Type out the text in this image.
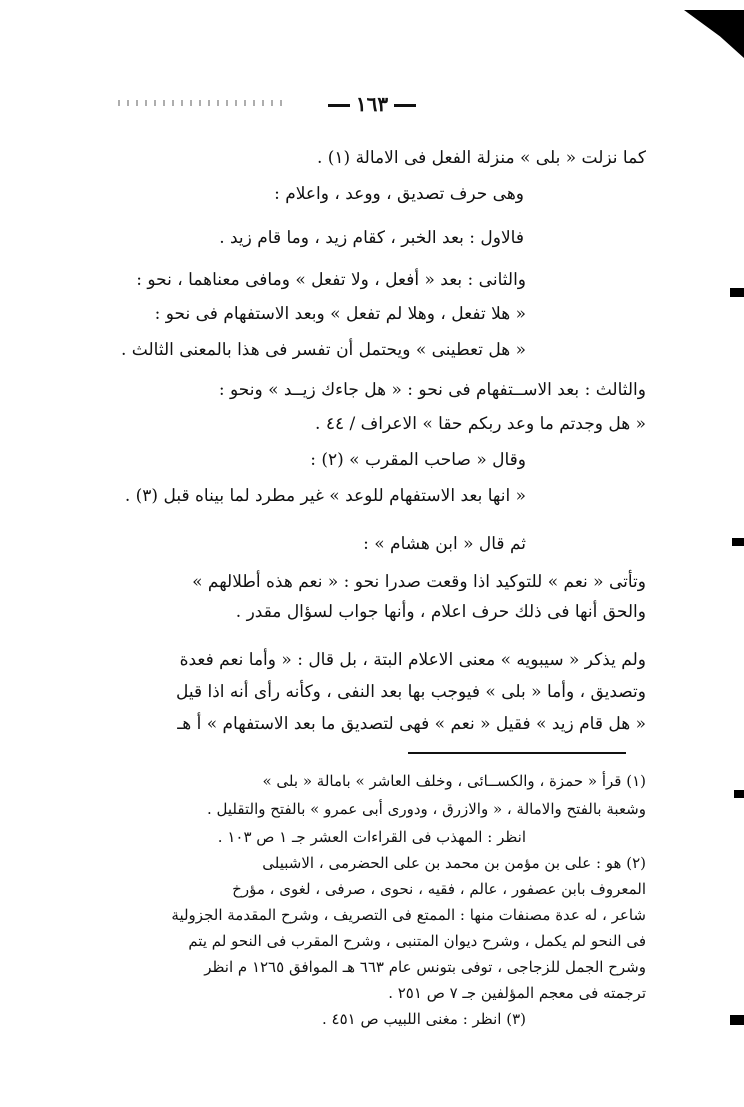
١٦٣
كما نزلت « بلى » منزلة الفعل فى الامالة (١) .
وهى حرف تصديق ، ووعد ، واعلام :
فالاول : بعد الخبر ، كقام زيد ، وما قام زيد .
والثانى : بعد « أفعل ، ولا تفعل » ومافى معناهما ، نحو :
« هلا تفعل ، وهلا لم تفعل » وبعد الاستفهام فى نحو :
« هل تعطينى » ويحتمل أن تفسر فى هذا بالمعنى الثالث .
والثالث : بعد الاســتفهام فى نحو : « هل جاءك زيــد » ونحو :
« هل وجدتم ما وعد ربكم حقا » الاعراف / ٤٤ .
وقال « صاحب المقرب » (٢) :
« انها بعد الاستفهام للوعد » غير مطرد لما بيناه قبل (٣) .
ثم قال « ابن هشام » :
وتأتى « نعم » للتوكيد اذا وقعت صدرا نحو : « نعم هذه أطلالهم »
والحق أنها فى ذلك حرف اعلام ، وأنها جواب لسؤال مقدر .
ولم يذكر « سيبويه » معنى الاعلام البتة ، بل قال : « وأما نعم فعدة
وتصديق ، وأما « بلى » فيوجب بها بعد النفى ، وكأنه رأى أنه اذا قيل
« هل قام زيد » فقيل « نعم » فهى لتصديق ما بعد الاستفهام » أ هـ
(١) قرأ « حمزة ، والكســائى ، وخلف العاشر » بامالة « بلى »
وشعبة بالفتح والامالة ، « والازرق ، ودورى أبى عمرو » بالفتح والتقليل .
انظر : المهذب فى القراءات العشر جـ ١ ص ١٠٣ .
(٢) هو : على بن مؤمن بن محمد بن على الحضرمى ، الاشبيلى
المعروف بابن عصفور ، عالم ، فقيه ، نحوى ، صرفى ، لغوى ، مؤرخ
شاعر ، له عدة مصنفات منها : الممتع فى التصريف ، وشرح المقدمة الجزولية
فى النحو لم يكمل ، وشرح ديوان المتنبى ، وشرح المقرب فى النحو لم يتم
وشرح الجمل للزجاجى ، توفى بتونس عام ٦٦٣ هـ الموافق ١٢٦٥ م انظر
ترجمته فى معجم المؤلفين جـ ٧ ص ٢٥١ .
(٣) انظر : مغنى اللبيب ص ٤٥١ .
